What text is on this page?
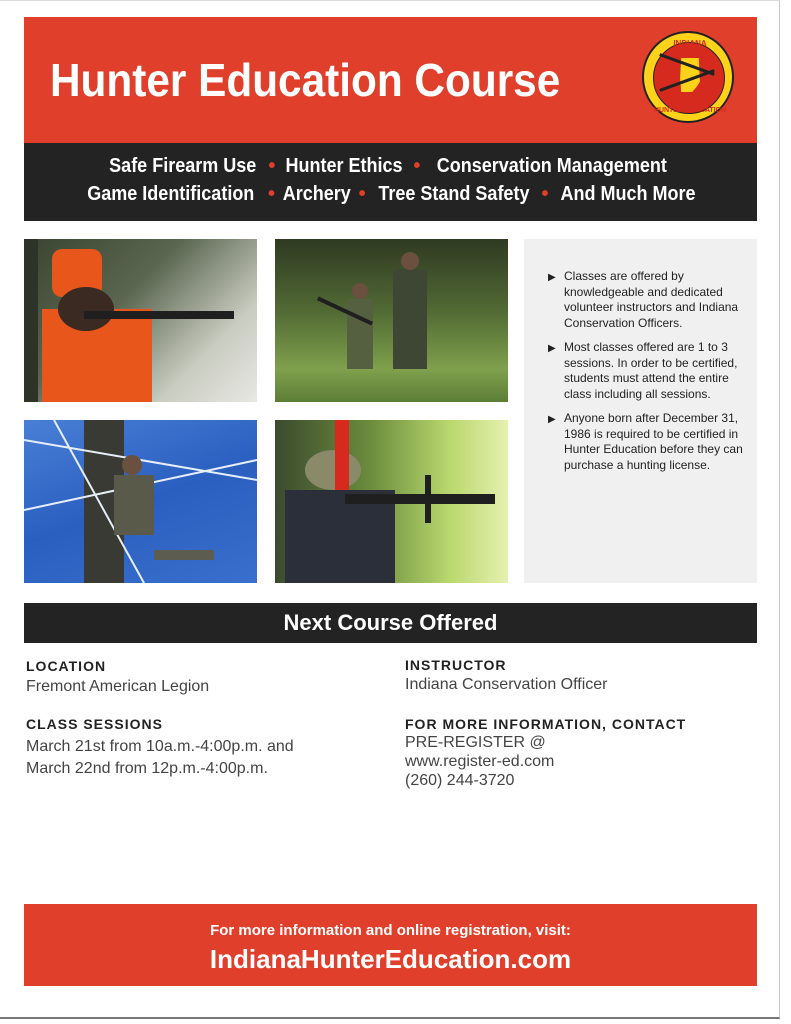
Hunter Education Course
INDIANA
HUNTER EDUCATION
Safe Firearm Use • Hunter Ethics • Conservation Management
Game Identification • Archery • Tree Stand Safety • And Much More
▶ Classes are offered by knowledgeable and dedicated volunteer instructors and Indiana Conservation Officers.
▶ Most classes offered are 1 to 3 sessions. In order to be certified, students must attend the entire class including all sessions.
▶ Anyone born after December 31, 1986 is required to be certified in Hunter Education before they can purchase a hunting license.
Next Course Offered
LOCATION
Fremont American Legion
CLASS SESSIONS
March 21st from 10a.m.-4:00p.m. and
March 22nd from 12p.m.-4:00p.m.
INSTRUCTOR
Indiana Conservation Officer
FOR MORE INFORMATION, CONTACT
PRE-REGISTER @
www.register-ed.com
(260) 244-3720
For more information and online registration, visit:
IndianaHunterEducation.com
